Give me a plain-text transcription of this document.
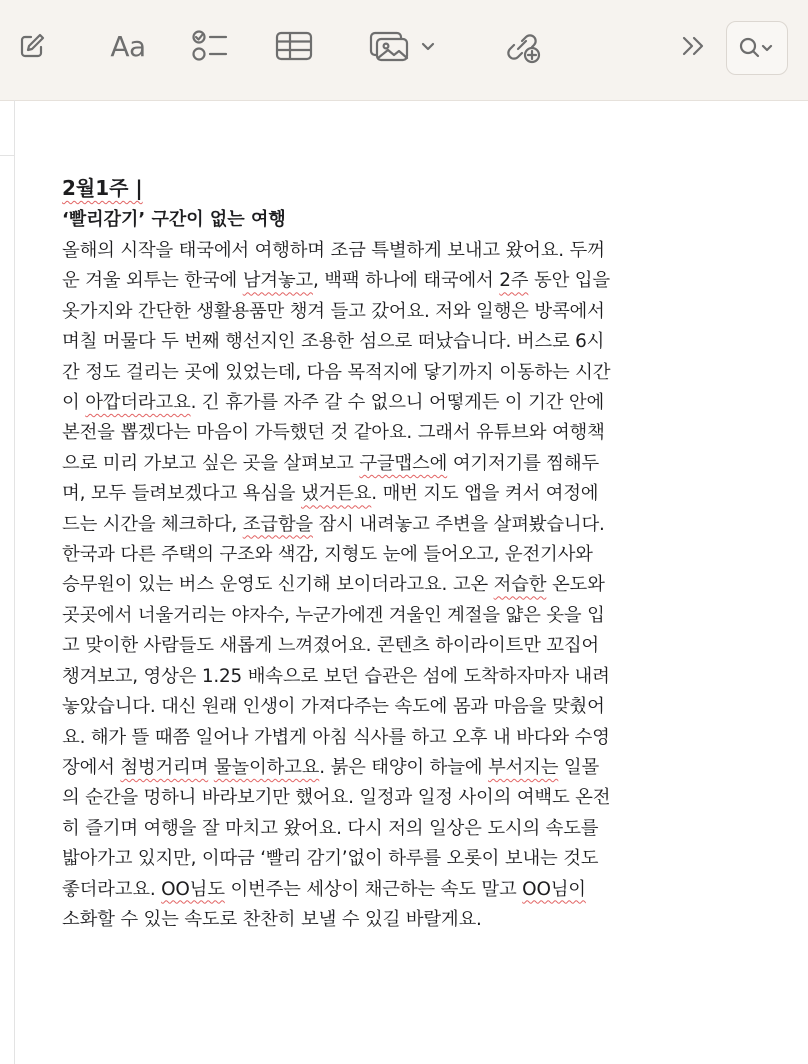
Aa
2월1주 |
‘빨리감기’ 구간이 없는 여행
올해의 시작을 태국에서 여행하며 조금 특별하게 보내고 왔어요. 두꺼
운 겨울 외투는 한국에 남겨놓고, 백팩 하나에 태국에서 2주 동안 입을
옷가지와 간단한 생활용품만 챙겨 들고 갔어요. 저와 일행은 방콕에서
며칠 머물다 두 번째 행선지인 조용한 섬으로 떠났습니다. 버스로 6시
간 정도 걸리는 곳에 있었는데, 다음 목적지에 닿기까지 이동하는 시간
이 아깝더라고요. 긴 휴가를 자주 갈 수 없으니 어떻게든 이 기간 안에
본전을 뽑겠다는 마음이 가득했던 것 같아요. 그래서 유튜브와 여행책
으로 미리 가보고 싶은 곳을 살펴보고 구글맵스에 여기저기를 찜해두
며, 모두 들려보겠다고 욕심을 냈거든요. 매번 지도 앱을 켜서 여정에
드는 시간을 체크하다, 조급함을 잠시 내려놓고 주변을 살펴봤습니다.
한국과 다른 주택의 구조와 색감, 지형도 눈에 들어오고, 운전기사와
승무원이 있는 버스 운영도 신기해 보이더라고요. 고온 저습한 온도와
곳곳에서 너울거리는 야자수, 누군가에겐 겨울인 계절을 얇은 옷을 입
고 맞이한 사람들도 새롭게 느껴졌어요. 콘텐츠 하이라이트만 꼬집어
챙겨보고, 영상은 1.25 배속으로 보던 습관은 섬에 도착하자마자 내려
놓았습니다. 대신 원래 인생이 가져다주는 속도에 몸과 마음을 맞췄어
요. 해가 뜰 때쯤 일어나 가볍게 아침 식사를 하고 오후 내 바다와 수영
장에서 첨벙거리며 물놀이하고요. 붉은 태양이 하늘에 부서지는 일몰
의 순간을 멍하니 바라보기만 했어요. 일정과 일정 사이의 여백도 온전
히 즐기며 여행을 잘 마치고 왔어요. 다시 저의 일상은 도시의 속도를
밟아가고 있지만, 이따금 ‘빨리 감기’없이 하루를 오롯이 보내는 것도
좋더라고요. OO님도 이번주는 세상이 채근하는 속도 말고 OO님이
소화할 수 있는 속도로 찬찬히 보낼 수 있길 바랄게요.
